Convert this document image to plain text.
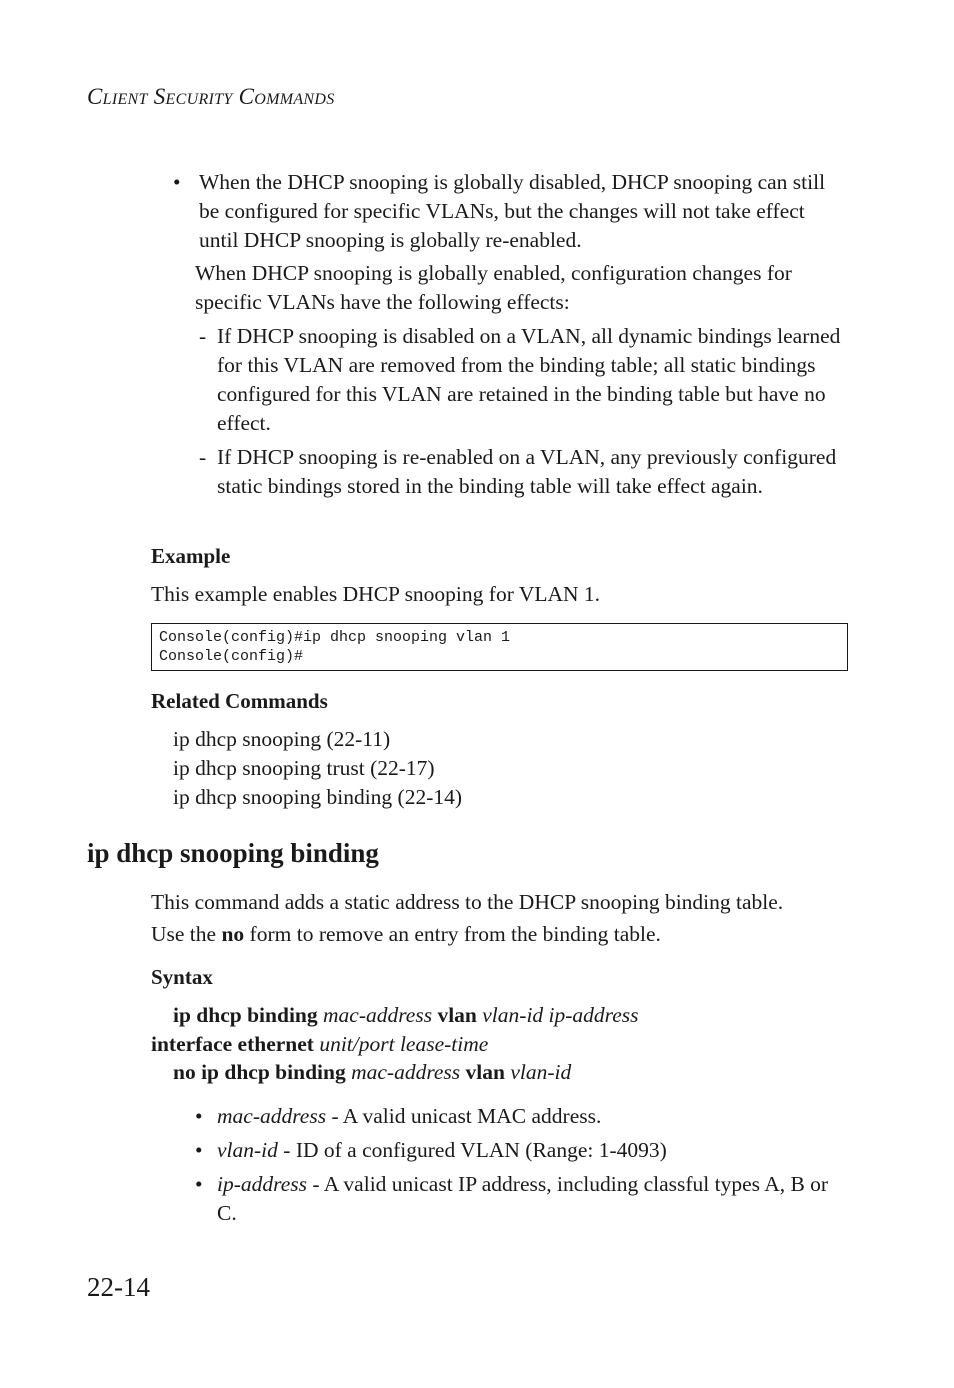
Client Security Commands
• When the DHCP snooping is globally disabled, DHCP snooping can still be configured for specific VLANs, but the changes will not take effect until DHCP snooping is globally re-enabled.
When DHCP snooping is globally enabled, configuration changes for specific VLANs have the following effects:
- If DHCP snooping is disabled on a VLAN, all dynamic bindings learned for this VLAN are removed from the binding table; all static bindings configured for this VLAN are retained in the binding table but have no effect.
- If DHCP snooping is re-enabled on a VLAN, any previously configured static bindings stored in the binding table will take effect again.
Example
This example enables DHCP snooping for VLAN 1.
Console(config)#ip dhcp snooping vlan 1
Console(config)#
Related Commands
ip dhcp snooping (22-11)
ip dhcp snooping trust (22-17)
ip dhcp snooping binding (22-14)
ip dhcp snooping binding
This command adds a static address to the DHCP snooping binding table.
Use the no form to remove an entry from the binding table.
Syntax
ip dhcp binding mac-address vlan vlan-id ip-address
interface ethernet unit/port lease-time
no ip dhcp binding mac-address vlan vlan-id
• mac-address - A valid unicast MAC address.
• vlan-id - ID of a configured VLAN (Range: 1-4093)
• ip-address - A valid unicast IP address, including classful types A, B or C.
22-14
